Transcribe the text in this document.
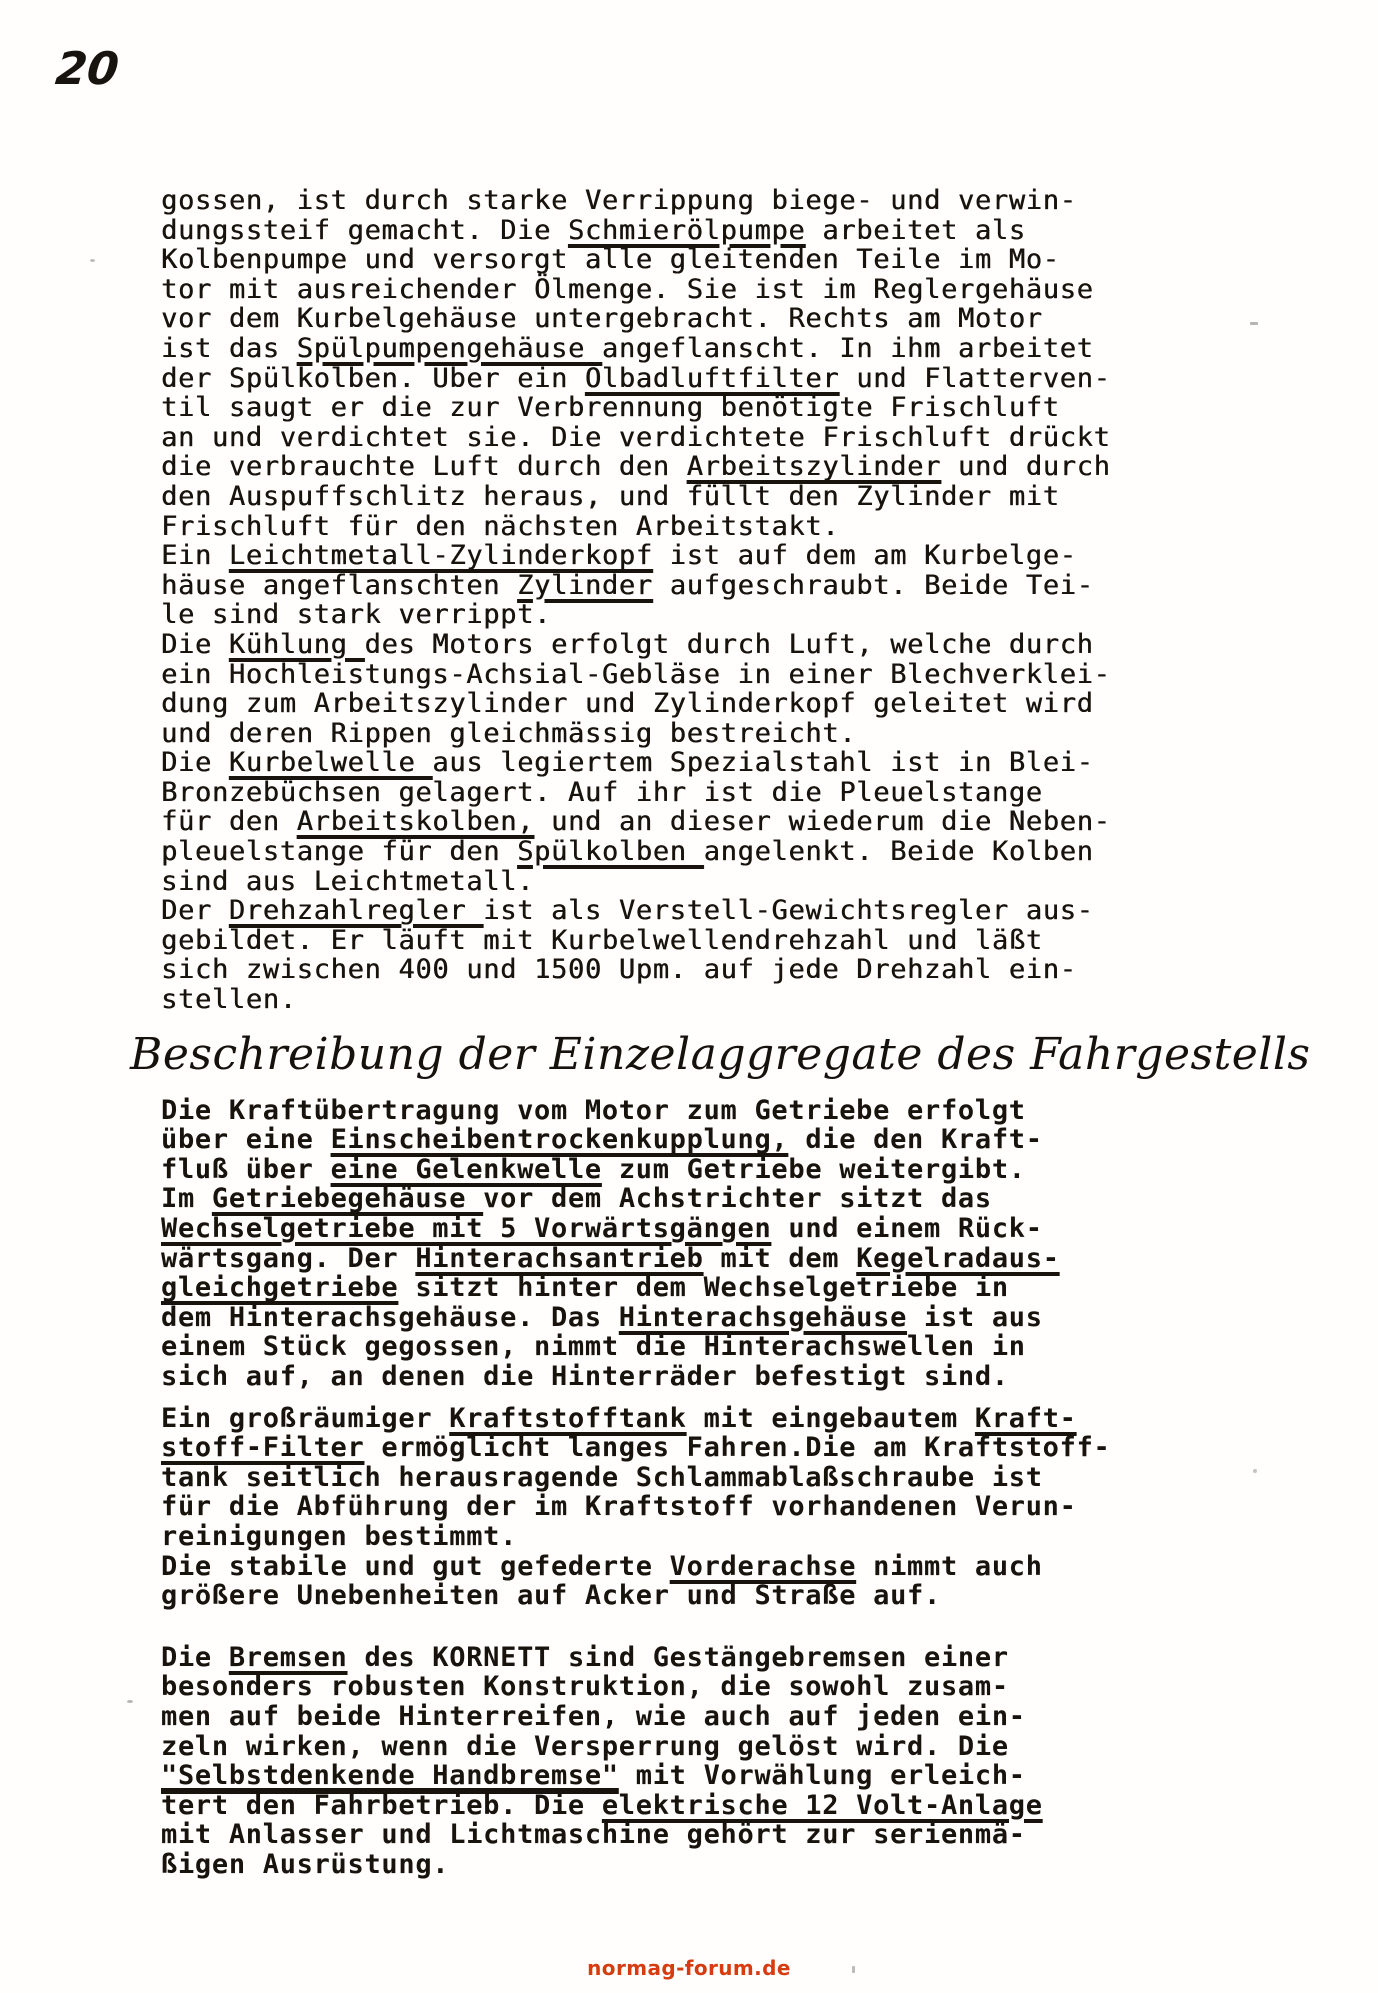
20
gossen, ist durch starke Verrippung biege- und verwin-
dungssteif gemacht. Die Schmierölpumpe arbeitet als
Kolbenpumpe und versorgt alle gleitenden Teile im Mo-
tor mit ausreichender Ölmenge. Sie ist im Reglergehäuse
vor dem Kurbelgehäuse untergebracht. Rechts am Motor
ist das Spülpumpengehäuse angeflanscht. In ihm arbeitet
der Spülkolben. Über ein Ölbadluftfilter und Flatterven-
til saugt er die zur Verbrennung benötigte Frischluft
an und verdichtet sie. Die verdichtete Frischluft drückt
die verbrauchte Luft durch den Arbeitszylinder und durch
den Auspuffschlitz heraus, und füllt den Zylinder mit
Frischluft für den nächsten Arbeitstakt.
Ein Leichtmetall-Zylinderkopf ist auf dem am Kurbelge-
häuse angeflanschten Zylinder aufgeschraubt. Beide Tei-
le sind stark verrippt.
Die Kühlung des Motors erfolgt durch Luft, welche durch
ein Hochleistungs-Achsial-Gebläse in einer Blechverklei-
dung zum Arbeitszylinder und Zylinderkopf geleitet wird
und deren Rippen gleichmässig bestreicht.
Die Kurbelwelle aus legiertem Spezialstahl ist in Blei-
Bronzebüchsen gelagert. Auf ihr ist die Pleuelstange
für den Arbeitskolben, und an dieser wiederum die Neben-
pleuelstange für den Spülkolben angelenkt. Beide Kolben
sind aus Leichtmetall.
Der Drehzahlregler ist als Verstell-Gewichtsregler aus-
gebildet. Er läuft mit Kurbelwellendrehzahl und läßt
sich zwischen 400 und 1500 Upm. auf jede Drehzahl ein-
stellen.
Beschreibung der Einzelaggregate des Fahrgestells
Die Kraftübertragung vom Motor zum Getriebe erfolgt
über eine Einscheibentrockenkupplung, die den Kraft-
fluß über eine Gelenkwelle zum Getriebe weitergibt.
Im Getriebegehäuse vor dem Achstrichter sitzt das
Wechselgetriebe mit 5 Vorwärtsgängen und einem Rück-
wärtsgang. Der Hinterachsantrieb mit dem Kegelradaus-
gleichgetriebe sitzt hinter dem Wechselgetriebe in
dem Hinterachsgehäuse. Das Hinterachsgehäuse ist aus
einem Stück gegossen, nimmt die Hinterachswellen in
sich auf, an denen die Hinterräder befestigt sind.
Ein großräumiger Kraftstofftank mit eingebautem Kraft-
stoff-Filter ermöglicht langes Fahren.Die am Kraftstoff-
tank seitlich herausragende Schlammablaßschraube ist
für die Abführung der im Kraftstoff vorhandenen Verun-
reinigungen bestimmt.
Die stabile und gut gefederte Vorderachse nimmt auch
größere Unebenheiten auf Acker und Straße auf.
Die Bremsen des KORNETT sind Gestängebremsen einer
besonders robusten Konstruktion, die sowohl zusam-
men auf beide Hinterreifen, wie auch auf jeden ein-
zeln wirken, wenn die Versperrung gelöst wird. Die
"Selbstdenkende Handbremse" mit Vorwählung erleich-
tert den Fahrbetrieb. Die elektrische 12 Volt-Anlage
mit Anlasser und Lichtmaschine gehört zur serienmä-
ßigen Ausrüstung.
normag-forum.de
